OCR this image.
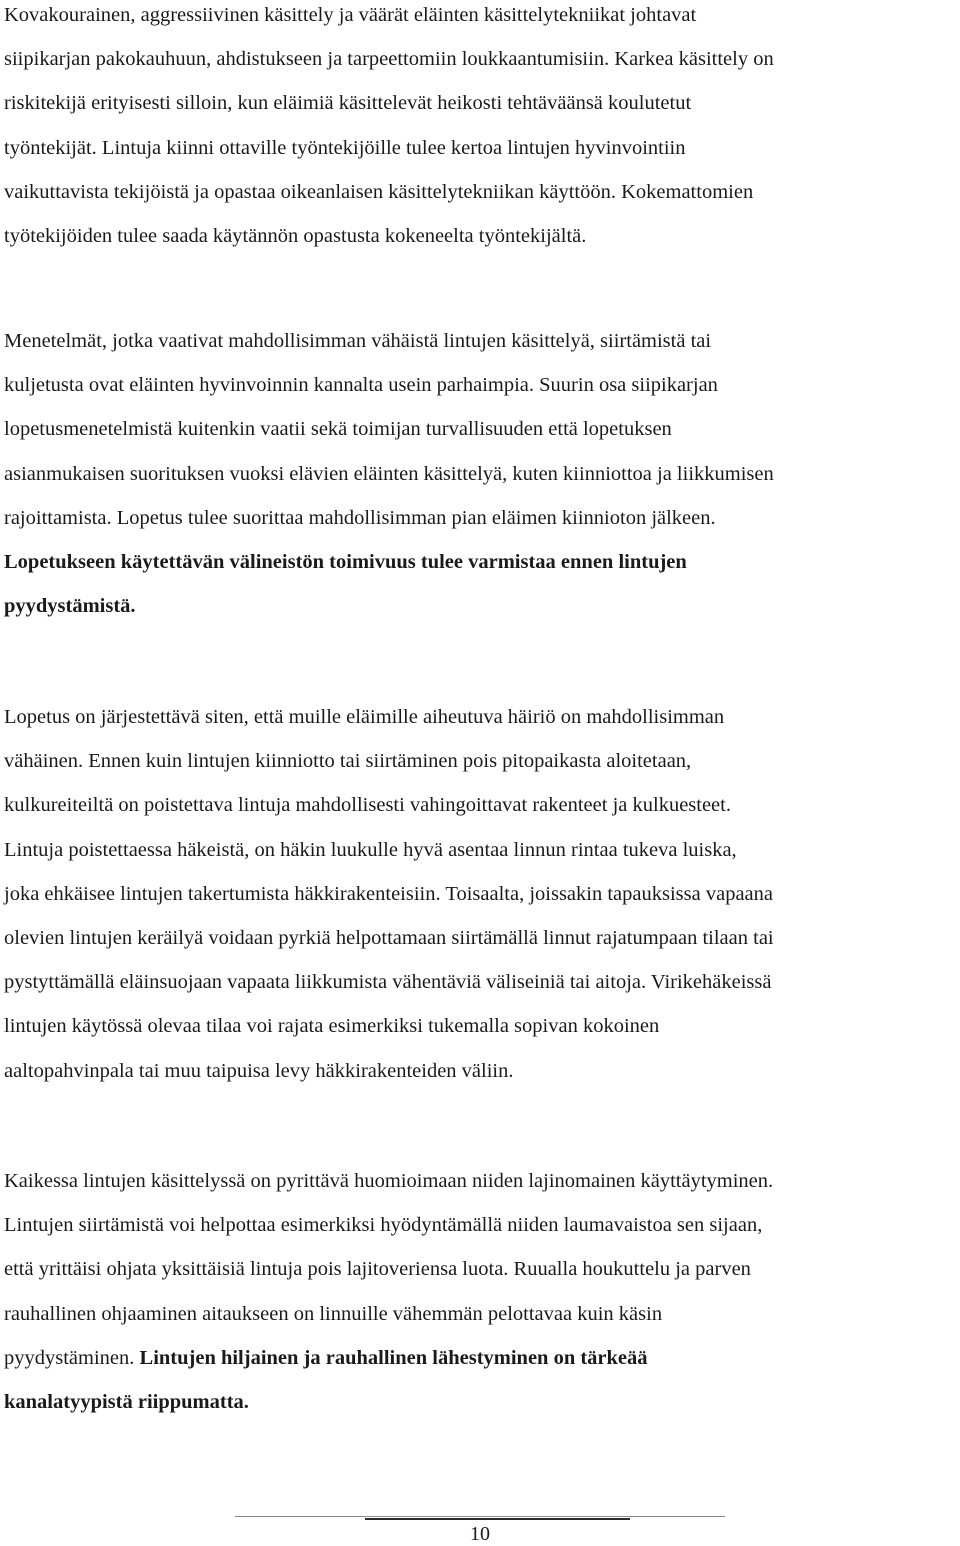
Kovakourainen, aggressiivinen käsittely ja väärät eläinten käsittelytekniikat johtavat
siipikarjan pakokauhuun, ahdistukseen ja tarpeettomiin loukkaantumisiin. Karkea käsittely on
riskitekijä erityisesti silloin, kun eläimiä käsittelevät heikosti tehtäväänsä koulutetut
työntekijät. Lintuja kiinni ottaville työntekijöille tulee kertoa lintujen hyvinvointiin
vaikuttavista tekijöistä ja opastaa oikeanlaisen käsittelytekniikan käyttöön. Kokemattomien
työtekijöiden tulee saada käytännön opastusta kokeneelta työntekijältä.
Menetelmät, jotka vaativat mahdollisimman vähäistä lintujen käsittelyä, siirtämistä tai
kuljetusta ovat eläinten hyvinvoinnin kannalta usein parhaimpia. Suurin osa siipikarjan
lopetusmenetelmistä kuitenkin vaatii sekä toimijan turvallisuuden että lopetuksen
asianmukaisen suorituksen vuoksi elävien eläinten käsittelyä, kuten kiinniottoa ja liikkumisen
rajoittamista. Lopetus tulee suorittaa mahdollisimman pian eläimen kiinnioton jälkeen.
Lopetukseen käytettävän välineistön toimivuus tulee varmistaa ennen lintujen
pyydystämistä.
Lopetus on järjestettävä siten, että muille eläimille aiheutuva häiriö on mahdollisimman
vähäinen. Ennen kuin lintujen kiinniotto tai siirtäminen pois pitopaikasta aloitetaan,
kulkureiteiltä on poistettava lintuja mahdollisesti vahingoittavat rakenteet ja kulkuesteet.
Lintuja poistettaessa häkeistä, on häkin luukulle hyvä asentaa linnun rintaa tukeva luiska,
joka ehkäisee lintujen takertumista häkkirakenteisiin. Toisaalta, joissakin tapauksissa vapaana
olevien lintujen keräilyä voidaan pyrkiä helpottamaan siirtämällä linnut rajatumpaan tilaan tai
pystyttämällä eläinsuojaan vapaata liikkumista vähentäviä väliseiniä tai aitoja. Virikehäkeissä
lintujen käytössä olevaa tilaa voi rajata esimerkiksi tukemalla sopivan kokoinen
aaltopahvinpala tai muu taipuisa levy häkkirakenteiden väliin.
Kaikessa lintujen käsittelyssä on pyrittävä huomioimaan niiden lajinomainen käyttäytyminen.
Lintujen siirtämistä voi helpottaa esimerkiksi hyödyntämällä niiden laumavaistoa sen sijaan,
että yrittäisi ohjata yksittäisiä lintuja pois lajitoveriensa luota. Ruualla houkuttelu ja parven
rauhallinen ohjaaminen aitaukseen on linnuille vähemmän pelottavaa kuin käsin
pyydystäminen. Lintujen hiljainen ja rauhallinen lähestyminen on tärkeää
kanalatyypistä riippumatta.
10
